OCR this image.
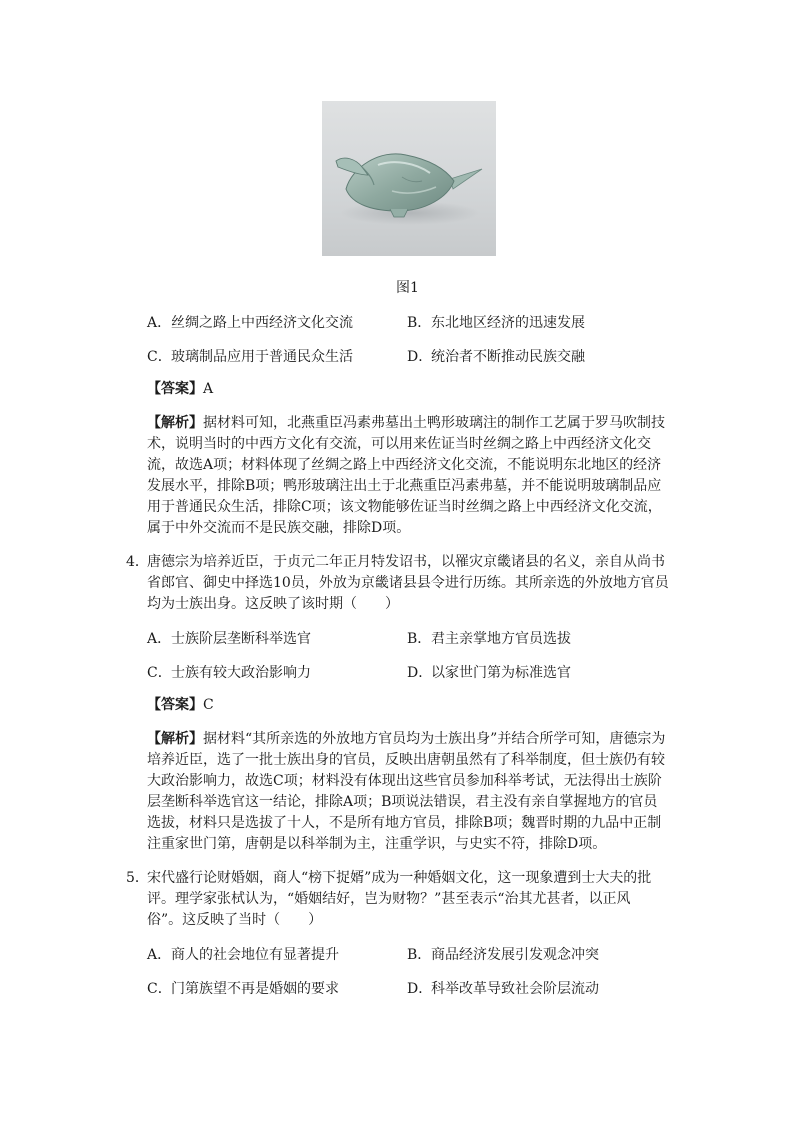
图1
A．丝绸之路上中西经济文化交流	B．东北地区经济的迅速发展
C．玻璃制品应用于普通民众生活	D．统治者不断推动民族交融
【答案】A
【解析】据材料可知，北燕重臣冯素弗墓出土鸭形玻璃注的制作工艺属于罗马吹制技
术，说明当时的中西方文化有交流，可以用来佐证当时丝绸之路上中西经济文化交
流，故选A项；材料体现了丝绸之路上中西经济文化交流，不能说明东北地区的经济
发展水平，排除B项；鸭形玻璃注出土于北燕重臣冯素弗墓，并不能说明玻璃制品应
用于普通民众生活，排除C项；该文物能够佐证当时丝绸之路上中西经济文化交流，
属于中外交流而不是民族交融，排除D项。
4．
唐德宗为培养近臣，于贞元二年正月特发诏书，以罹灾京畿诸县的名义，亲自从尚书
省郎官、御史中择选10员，外放为京畿诸县县令进行历练。其所亲选的外放地方官员
均为士族出身。这反映了该时期（　　）
A．士族阶层垄断科举选官	B．君主亲掌地方官员选拔
C．士族有较大政治影响力	D．以家世门第为标准选官
【答案】C
【解析】据材料“其所亲选的外放地方官员均为士族出身”并结合所学可知，唐德宗为
培养近臣，选了一批士族出身的官员，反映出唐朝虽然有了科举制度，但士族仍有较
大政治影响力，故选C项；材料没有体现出这些官员参加科举考试，无法得出士族阶
层垄断科举选官这一结论，排除A项；B项说法错误，君主没有亲自掌握地方的官员
选拔，材料只是选拔了十人，不是所有地方官员，排除B项；魏晋时期的九品中正制
注重家世门第，唐朝是以科举制为主，注重学识，与史实不符，排除D项。
5．
宋代盛行论财婚姻，商人“榜下捉婿”成为一种婚姻文化，这一现象遭到士大夫的批
评。理学家张栻认为，“婚姻结好，岂为财物？”甚至表示“治其尤甚者，以正风
俗”。这反映了当时（　　）
A．商人的社会地位有显著提升	B．商品经济发展引发观念冲突
C．门第族望不再是婚姻的要求	D．科举改革导致社会阶层流动
